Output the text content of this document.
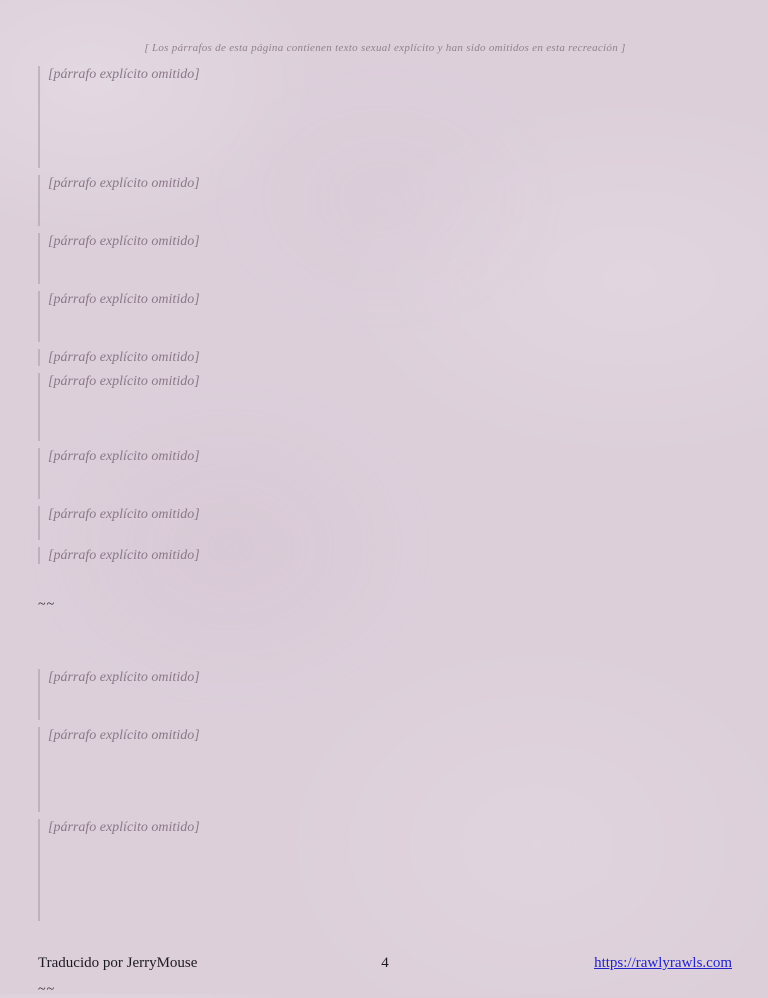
[ Los párrafos de esta página contienen texto sexual explícito y han sido omitidos en esta recreación ]

[párrafo explícito omitido]

[párrafo explícito omitido]

[párrafo explícito omitido]

[párrafo explícito omitido]

[párrafo explícito omitido]

[párrafo explícito omitido]

[párrafo explícito omitido]

[párrafo explícito omitido]

[párrafo explícito omitido]

~~

[párrafo explícito omitido]

[párrafo explícito omitido]

[párrafo explícito omitido]

~~
Traducido por JerryMouse	4	https://rawlyrawls.com
